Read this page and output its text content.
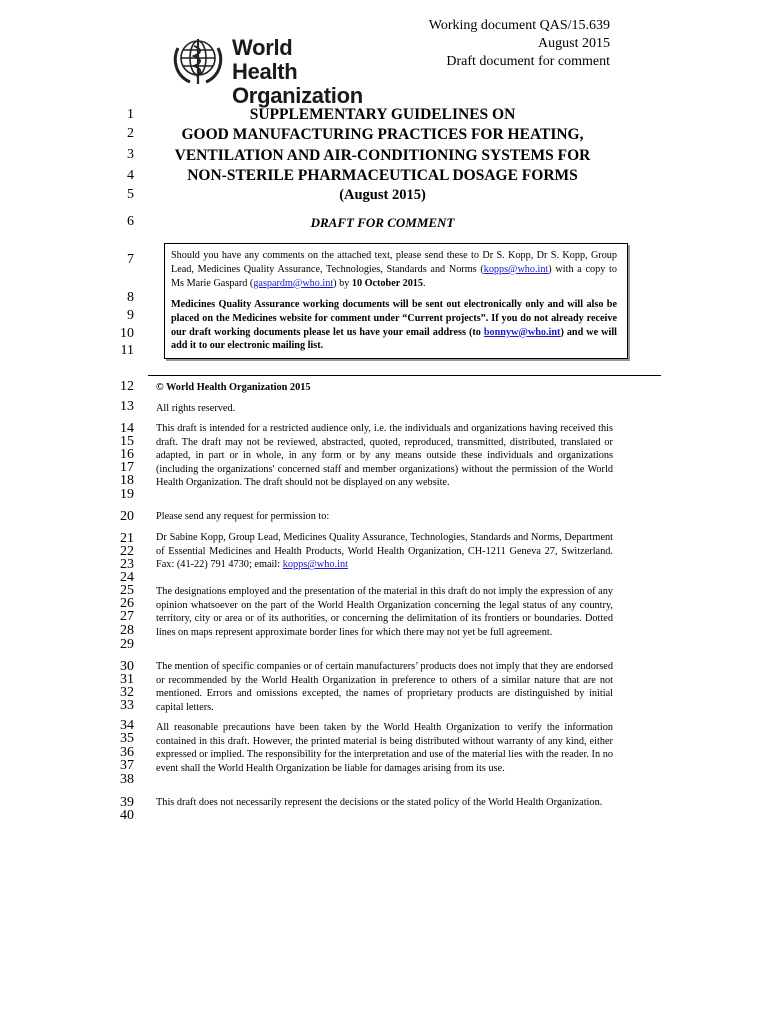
Working document QAS/15.639
August 2015
Draft document for comment
World Health
Organization
1
2
3
4
5
6
7
8
9
10
11
12
13
14
15
16
17
18
19
20
21
22
23
24
25
26
27
28
29
30
31
32
33
34
35
36
37
38
39
40
SUPPLEMENTARY GUIDELINES ON
GOOD MANUFACTURING PRACTICES FOR HEATING,
VENTILATION AND AIR-CONDITIONING SYSTEMS FOR
NON-STERILE PHARMACEUTICAL DOSAGE FORMS
(August 2015)
DRAFT FOR COMMENT
Should you have any comments on the attached text, please send these to Dr S. Kopp, Dr S. Kopp, Group Lead, Medicines Quality Assurance, Technologies, Standards and Norms (kopps@who.int) with a copy to Ms Marie Gaspard (gaspardm@who.int) by 10 October 2015.
Medicines Quality Assurance working documents will be sent out electronically only and will also be placed on the Medicines website for comment under “Current projects”. If you do not already receive our draft working documents please let us have your email address (to bonnyw@who.int) and we will add it to our electronic mailing list.
© World Health Organization 2015
All rights reserved.
This draft is intended for a restricted audience only, i.e. the individuals and organizations having received this draft. The draft may not be reviewed, abstracted, quoted, reproduced, transmitted, distributed, translated or adapted, in part or in whole, in any form or by any means outside these individuals and organizations (including the organizations' concerned staff and member organizations) without the permission of the World Health Organization. The draft should not be displayed on any website.
Please send any request for permission to:
Dr Sabine Kopp, Group Lead, Medicines Quality Assurance, Technologies, Standards and Norms, Department of Essential Medicines and Health Products, World Health Organization, CH-1211 Geneva 27, Switzerland. Fax: (41-22) 791 4730; email: kopps@who.int
The designations employed and the presentation of the material in this draft do not imply the expression of any opinion whatsoever on the part of the World Health Organization concerning the legal status of any country, territory, city or area or of its authorities, or concerning the delimitation of its frontiers or boundaries. Dotted lines on maps represent approximate border lines for which there may not yet be full agreement.
The mention of specific companies or of certain manufacturers’ products does not imply that they are endorsed or recommended by the World Health Organization in preference to others of a similar nature that are not mentioned. Errors and omissions excepted, the names of proprietary products are distinguished by initial capital letters.
All reasonable precautions have been taken by the World Health Organization to verify the information contained in this draft. However, the printed material is being distributed without warranty of any kind, either expressed or implied. The responsibility for the interpretation and use of the material lies with the reader. In no event shall the World Health Organization be liable for damages arising from its use.
This draft does not necessarily represent the decisions or the stated policy of the World Health Organization.
